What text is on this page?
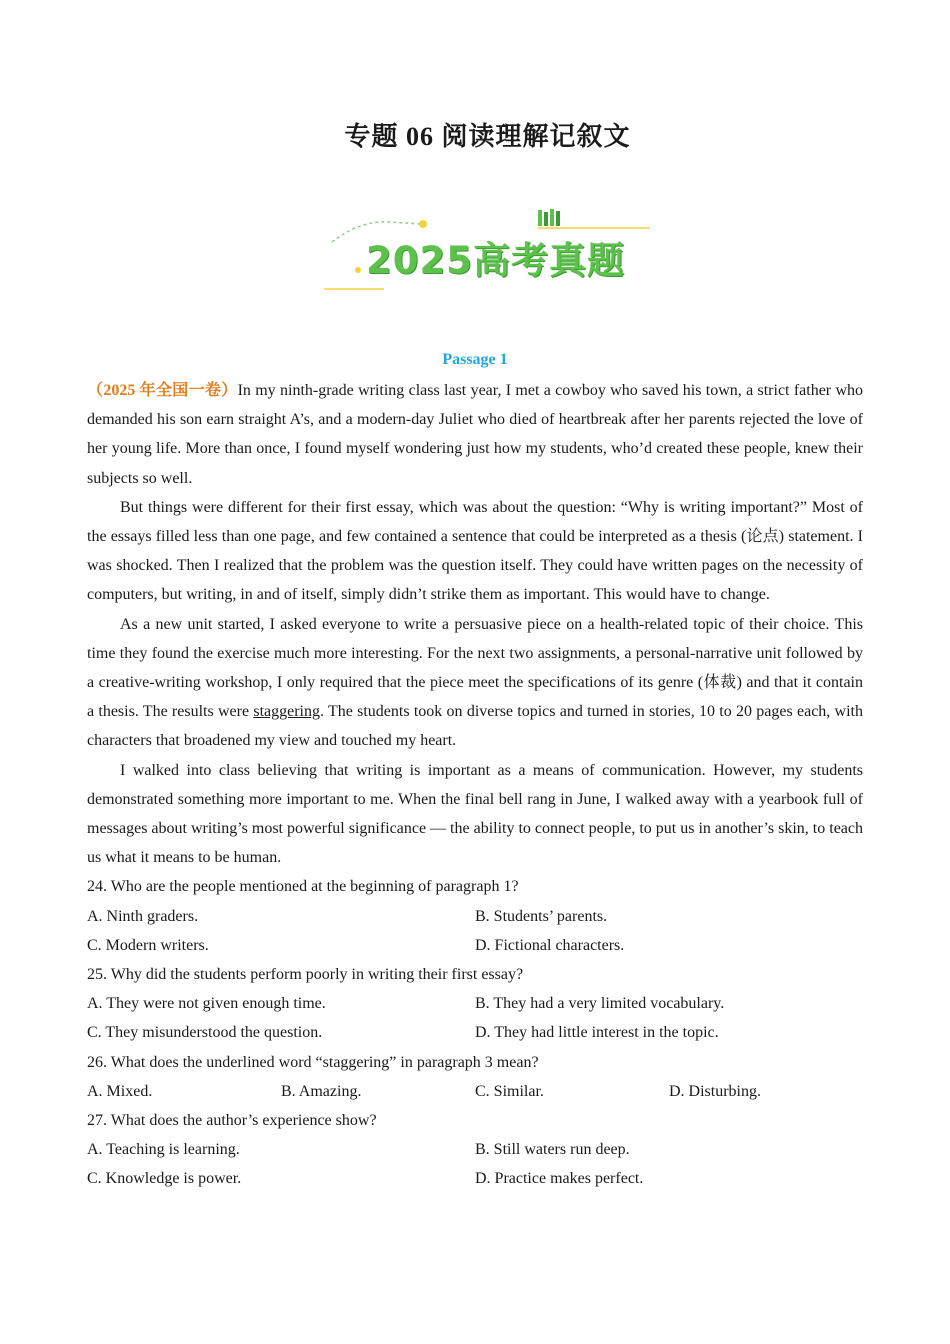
专题 06 阅读理解记叙文
2025高考真题
Passage 1

（2025 年全国一卷）In my ninth-grade writing class last year, I met a cowboy who saved his town, a strict father who demanded his son earn straight A’s, and a modern-day Juliet who died of heartbreak after her parents rejected the love of her young life. More than once, I found myself wondering just how my students, who’d created these people, knew their subjects so well.

But things were different for their first essay, which was about the question: “Why is writing important?” Most of the essays filled less than one page, and few contained a sentence that could be interpreted as a thesis (论点) statement. I was shocked. Then I realized that the problem was the question itself. They could have written pages on the necessity of computers, but writing, in and of itself, simply didn’t strike them as important. This would have to change.

As a new unit started, I asked everyone to write a persuasive piece on a health-related topic of their choice. This time they found the exercise much more interesting. For the next two assignments, a personal-narrative unit followed by a creative-writing workshop, I only required that the piece meet the specifications of its genre (体裁) and that it contain a thesis. The results were staggering. The students took on diverse topics and turned in stories, 10 to 20 pages each, with characters that broadened my view and touched my heart.

I walked into class believing that writing is important as a means of communication. However, my students demonstrated something more important to me. When the final bell rang in June, I walked away with a yearbook full of messages about writing’s most powerful significance — the ability to connect people, to put us in another’s skin, to teach us what it means to be human.

24. Who are the people mentioned at the beginning of paragraph 1?

A. Ninth graders.	B. Students’ parents.
C. Modern writers.	D. Fictional characters.

25. Why did the students perform poorly in writing their first essay?

A. They were not given enough time.	B. They had a very limited vocabulary.
C. They misunderstood the question.	D. They had little interest in the topic.

26. What does the underlined word “staggering” in paragraph 3 mean?

A. Mixed.	B. Amazing.	C. Similar.	D. Disturbing.

27. What does the author’s experience show?

A. Teaching is learning.	B. Still waters run deep.
C. Knowledge is power.	D. Practice makes perfect.
